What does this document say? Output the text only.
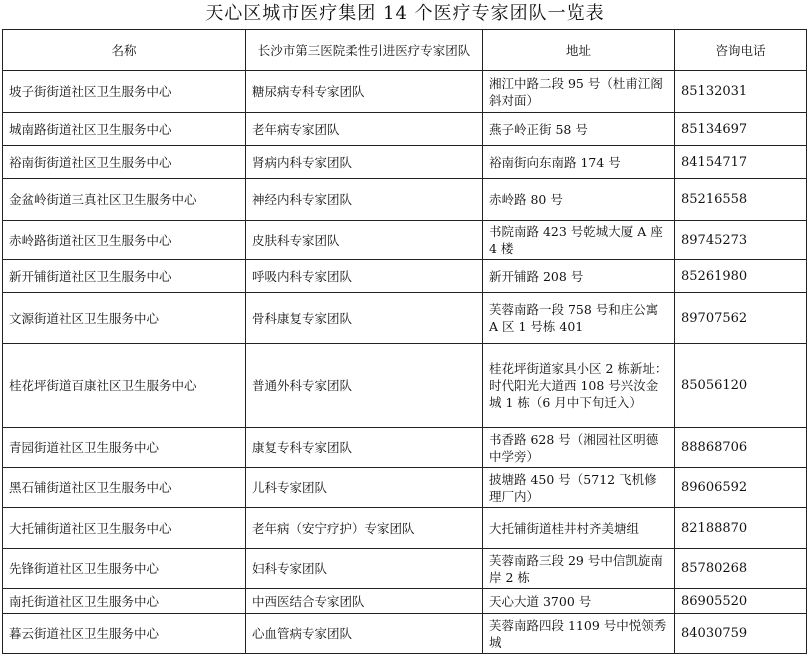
天心区城市医疗集团 14 个医疗专家团队一览表
名称	长沙市第三医院柔性引进医疗专家团队	地址	咨询电话
坡子街街道社区卫生服务中心	糖尿病专科专家团队	湘江中路二段 95 号（杜甫江阁斜对面）	85132031
城南路街道社区卫生服务中心	老年病专家团队	燕子岭正街 58 号	85134697
裕南街街道社区卫生服务中心	肾病内科专家团队	裕南街向东南路 174 号	84154717
金盆岭街道三真社区卫生服务中心	神经内科专家团队	赤岭路 80 号	85216558
赤岭路街道社区卫生服务中心	皮肤科专家团队	书院南路 423 号乾城大厦 A 座 4 楼	89745273
新开铺街道社区卫生服务中心	呼吸内科专家团队	新开铺路 208 号	85261980
文源街道社区卫生服务中心	骨科康复专家团队	芙蓉南路一段 758 号和庄公寓 A 区 1 号栋 401	89707562
桂花坪街道百康社区卫生服务中心	普通外科专家团队	桂花坪街道家具小区 2 栋新址：时代阳光大道西 108 号兴汝金城 1 栋（6 月中下旬迁入）	85056120
青园街道社区卫生服务中心	康复专科专家团队	书香路 628 号（湘园社区明德中学旁）	88868706
黑石铺街道社区卫生服务中心	儿科专家团队	披塘路 450 号（5712 飞机修理厂内）	89606592
大托铺街道社区卫生服务中心	老年病（安宁疗护）专家团队	大托铺街道桂井村齐美塘组	82188870
先锋街道社区卫生服务中心	妇科专家团队	芙蓉南路三段 29 号中信凯旋南岸 2 栋	85780268
南托街道社区卫生服务中心	中西医结合专家团队	天心大道 3700 号	86905520
暮云街道社区卫生服务中心	心血管病专家团队	芙蓉南路四段 1109 号中悦领秀城	84030759
